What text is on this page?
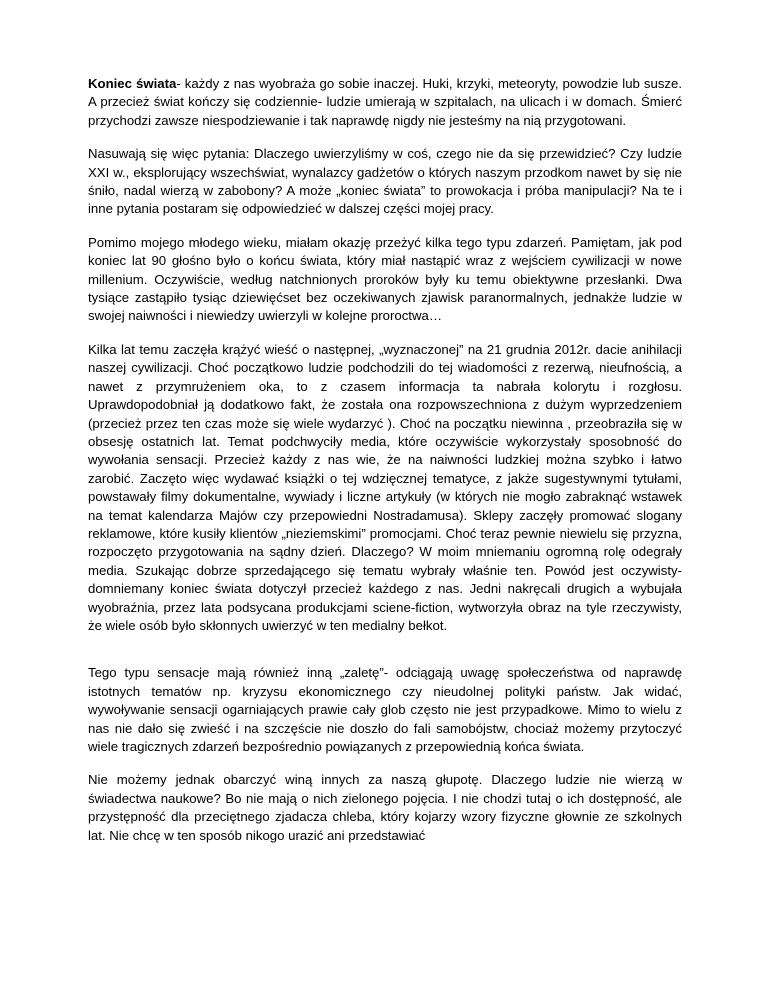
Koniec świata- każdy z nas wyobraża go sobie inaczej. Huki, krzyki, meteoryty, powodzie lub susze. A przecież świat kończy się codziennie- ludzie umierają w szpitalach, na ulicach i w domach. Śmierć przychodzi zawsze niespodziewanie i tak naprawdę nigdy nie jesteśmy na nią przygotowani.

Nasuwają się więc pytania: Dlaczego uwierzyliśmy w coś, czego nie da się przewidzieć? Czy ludzie XXI w., eksplorujący wszechświat, wynalazcy gadżetów o których naszym przodkom nawet by się nie śniło, nadal wierzą w zabobony? A może „koniec świata” to prowokacja i próba manipulacji? Na te i inne pytania postaram się odpowiedzieć w dalszej części mojej pracy.

Pomimo mojego młodego wieku, miałam okazję przeżyć kilka tego typu zdarzeń. Pamiętam, jak pod koniec lat 90 głośno było o końcu świata, który miał nastąpić wraz z wejściem cywilizacji w nowe millenium. Oczywiście, według natchnionych proroków były ku temu obiektywne przesłanki. Dwa tysiące zastąpiło tysiąc dziewięćset bez oczekiwanych zjawisk paranormalnych, jednakże ludzie w swojej naiwności i niewiedzy uwierzyli w kolejne proroctwa…

Kilka lat temu zaczęła krążyć wieść o następnej, „wyznaczonej” na 21 grudnia 2012r. dacie anihilacji naszej cywilizacji. Choć początkowo ludzie podchodzili do tej wiadomości z rezerwą, nieufnością, a nawet z przymrużeniem oka, to z czasem informacja ta nabrała kolorytu i rozgłosu. Uprawdopodobniał ją dodatkowo fakt, że została ona rozpowszechniona z dużym wyprzedzeniem (przecież przez ten czas może się wiele wydarzyć ). Choć na początku niewinna , przeobraziła się w obsesję ostatnich lat. Temat podchwyciły media, które oczywiście wykorzystały sposobność do wywołania sensacji. Przecież każdy z nas wie, że na naiwności ludzkiej można szybko i łatwo zarobić. Zaczęto więc wydawać książki o tej wdzięcznej tematyce, z jakże sugestywnymi tytułami, powstawały filmy dokumentalne, wywiady i liczne artykuły (w których nie mogło zabraknąć wstawek na temat kalendarza Majów czy przepowiedni Nostradamusa). Sklepy zaczęły promować slogany reklamowe, które kusiły klientów „nieziemskimi” promocjami. Choć teraz pewnie niewielu się przyzna, rozpoczęto przygotowania na sądny dzień. Dlaczego? W moim mniemaniu ogromną rolę odegrały media. Szukając dobrze sprzedającego się tematu wybrały właśnie ten. Powód jest oczywisty- domniemany koniec świata dotyczył przecież każdego z nas. Jedni nakręcali drugich a wybujała wyobraźnia, przez lata podsycana produkcjami sciene-fiction, wytworzyła obraz na tyle rzeczywisty, że wiele osób było skłonnych uwierzyć w ten medialny bełkot.

Tego typu sensacje mają również inną „zaletę”- odciągają uwagę społeczeństwa od naprawdę istotnych tematów np. kryzysu ekonomicznego czy nieudolnej polityki państw. Jak widać, wywoływanie sensacji ogarniających prawie cały glob często nie jest przypadkowe. Mimo to wielu z nas nie dało się zwieść i na szczęście nie doszło do fali samobójstw, chociaż możemy przytoczyć wiele tragicznych zdarzeń bezpośrednio powiązanych z przepowiednią końca świata.

Nie możemy jednak obarczyć winą innych za naszą głupotę. Dlaczego ludzie nie wierzą w świadectwa naukowe? Bo nie mają o nich zielonego pojęcia. I nie chodzi tutaj o ich dostępność, ale przystępność dla przeciętnego zjadacza chleba, który kojarzy wzory fizyczne głownie ze szkolnych lat. Nie chcę w ten sposób nikogo urazić ani przedstawiać
